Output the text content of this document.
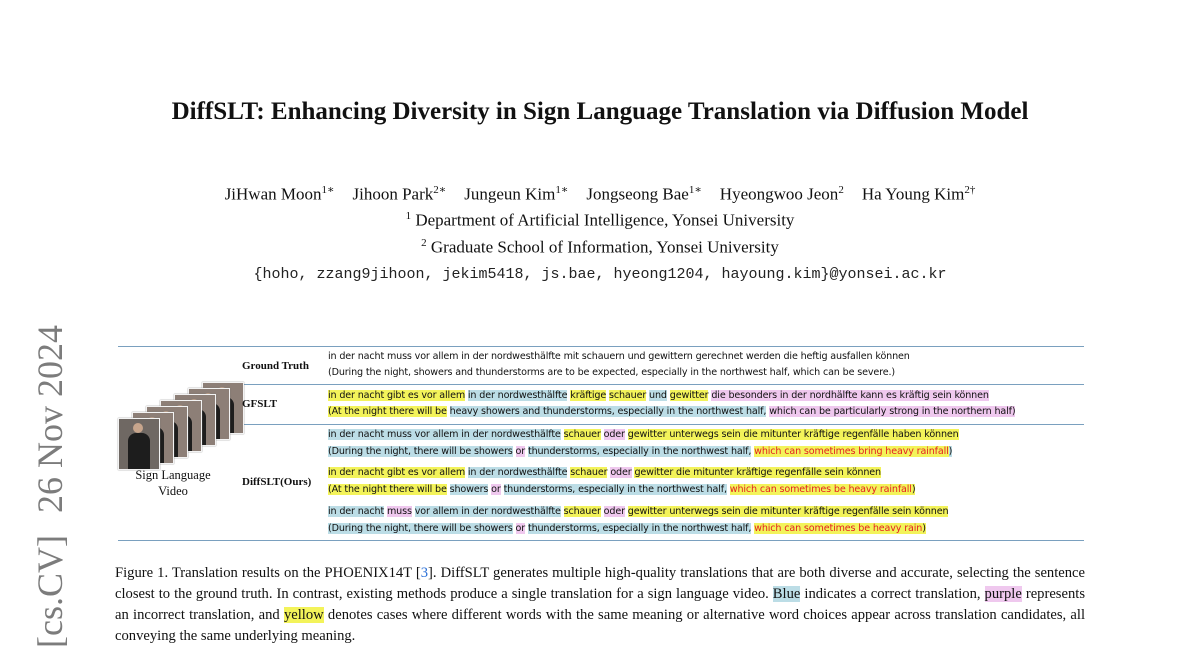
[cs.CV]26 Nov 2024
DiffSLT: Enhancing Diversity in Sign Language Translation via Diffusion Model
JiHwan Moon$^{1∗}$ Jihoon Park$^{2∗}$ Jungeun Kim$^{1∗}$ Jongseong Bae$^{1∗}$ Hyeongwoo Jeon$^2$ Ha Young Kim$^{2\dagger}$
$^1$ Department of Artificial Intelligence, Yonsei University
$^2$ Graduate School of Information, Yonsei University
{hoho, zzang9jihoon, jekim5418, js.bae, hyeong1204, hayoung.kim}@yonsei.ac.kr
Sign Language
Video
Ground Truth
GFSLT
DiffSLT(Ours)
in der nacht muss vor allem in der nordwesthälfte mit schauern und gewittern gerechnet werden die heftig ausfallen können
(During the night, showers and thunderstorms are to be expected, especially in the northwest half, which can be severe.)
in der nacht gibt es vor allem in der nordwesthälfte kräftige schauer und gewitter die besonders in der nordhälfte kann es kräftig sein können
(At the night there will be heavy showers and thunderstorms, especially in the northwest half, which can be particularly strong in the northern half)
in der nacht muss vor allem in der nordwesthälfte schauer oder gewitter unterwegs sein die mitunter kräftige regenfälle haben können
(During the night, there will be showers or thunderstorms, especially in the northwest half, which can sometimes bring heavy rainfall)
in der nacht gibt es vor allem in der nordwesthälfte schauer oder gewitter die mitunter kräftige regenfälle sein können
(At the night there will be showers or thunderstorms, especially in the northwest half, which can sometimes be heavy rainfall)
in der nacht muss vor allem in der nordwesthälfte schauer oder gewitter unterwegs sein die mitunter kräftige regenfälle sein können
(During the night, there will be showers or thunderstorms, especially in the northwest half, which can sometimes be heavy rain)
Figure 1. Translation results on the PHOENIX14T [3]. DiffSLT generates multiple high-quality translations that are both diverse and accurate, selecting the sentence closest to the ground truth. In contrast, existing methods produce a single translation for a sign language video. Blue indicates a correct translation, purple represents an incorrect translation, and yellow denotes cases where different words with the same meaning or alternative word choices appear across translation candidates, all conveying the same underlying meaning.
